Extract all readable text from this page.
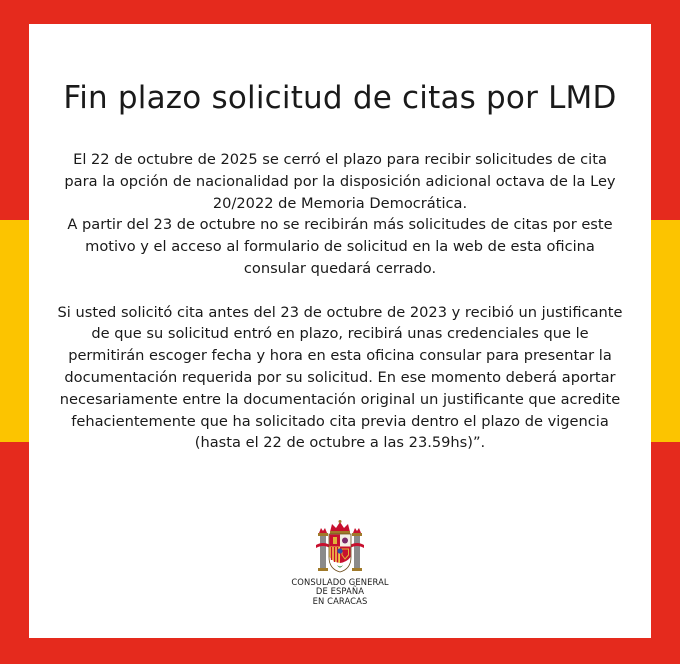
Fin plazo solicitud de citas por LMD

El 22 de octubre de 2025 se cerró el plazo para recibir solicitudes de cita para la opción de nacionalidad por la disposición adicional octava de la Ley 20/2022 de Memoria Democrática.

A partir del 23 de octubre no se recibirán más solicitudes de citas por este motivo y el acceso al formulario de solicitud en la web de esta oficina consular quedará cerrado.

Si usted solicitó cita antes del 23 de octubre de 2023 y recibió un justificante de que su solicitud entró en plazo, recibirá unas credenciales que le permitirán escoger fecha y hora en esta oficina consular para presentar la documentación requerida por su solicitud. En ese momento deberá aportar necesariamente entre la documentación original un justificante que acredite fehacientemente que ha solicitado cita previa dentro el plazo de vigencia (hasta el 22 de octubre a las 23.59hs)”.

CONSULADO GENERAL
DE ESPAÑA
EN CARACAS
